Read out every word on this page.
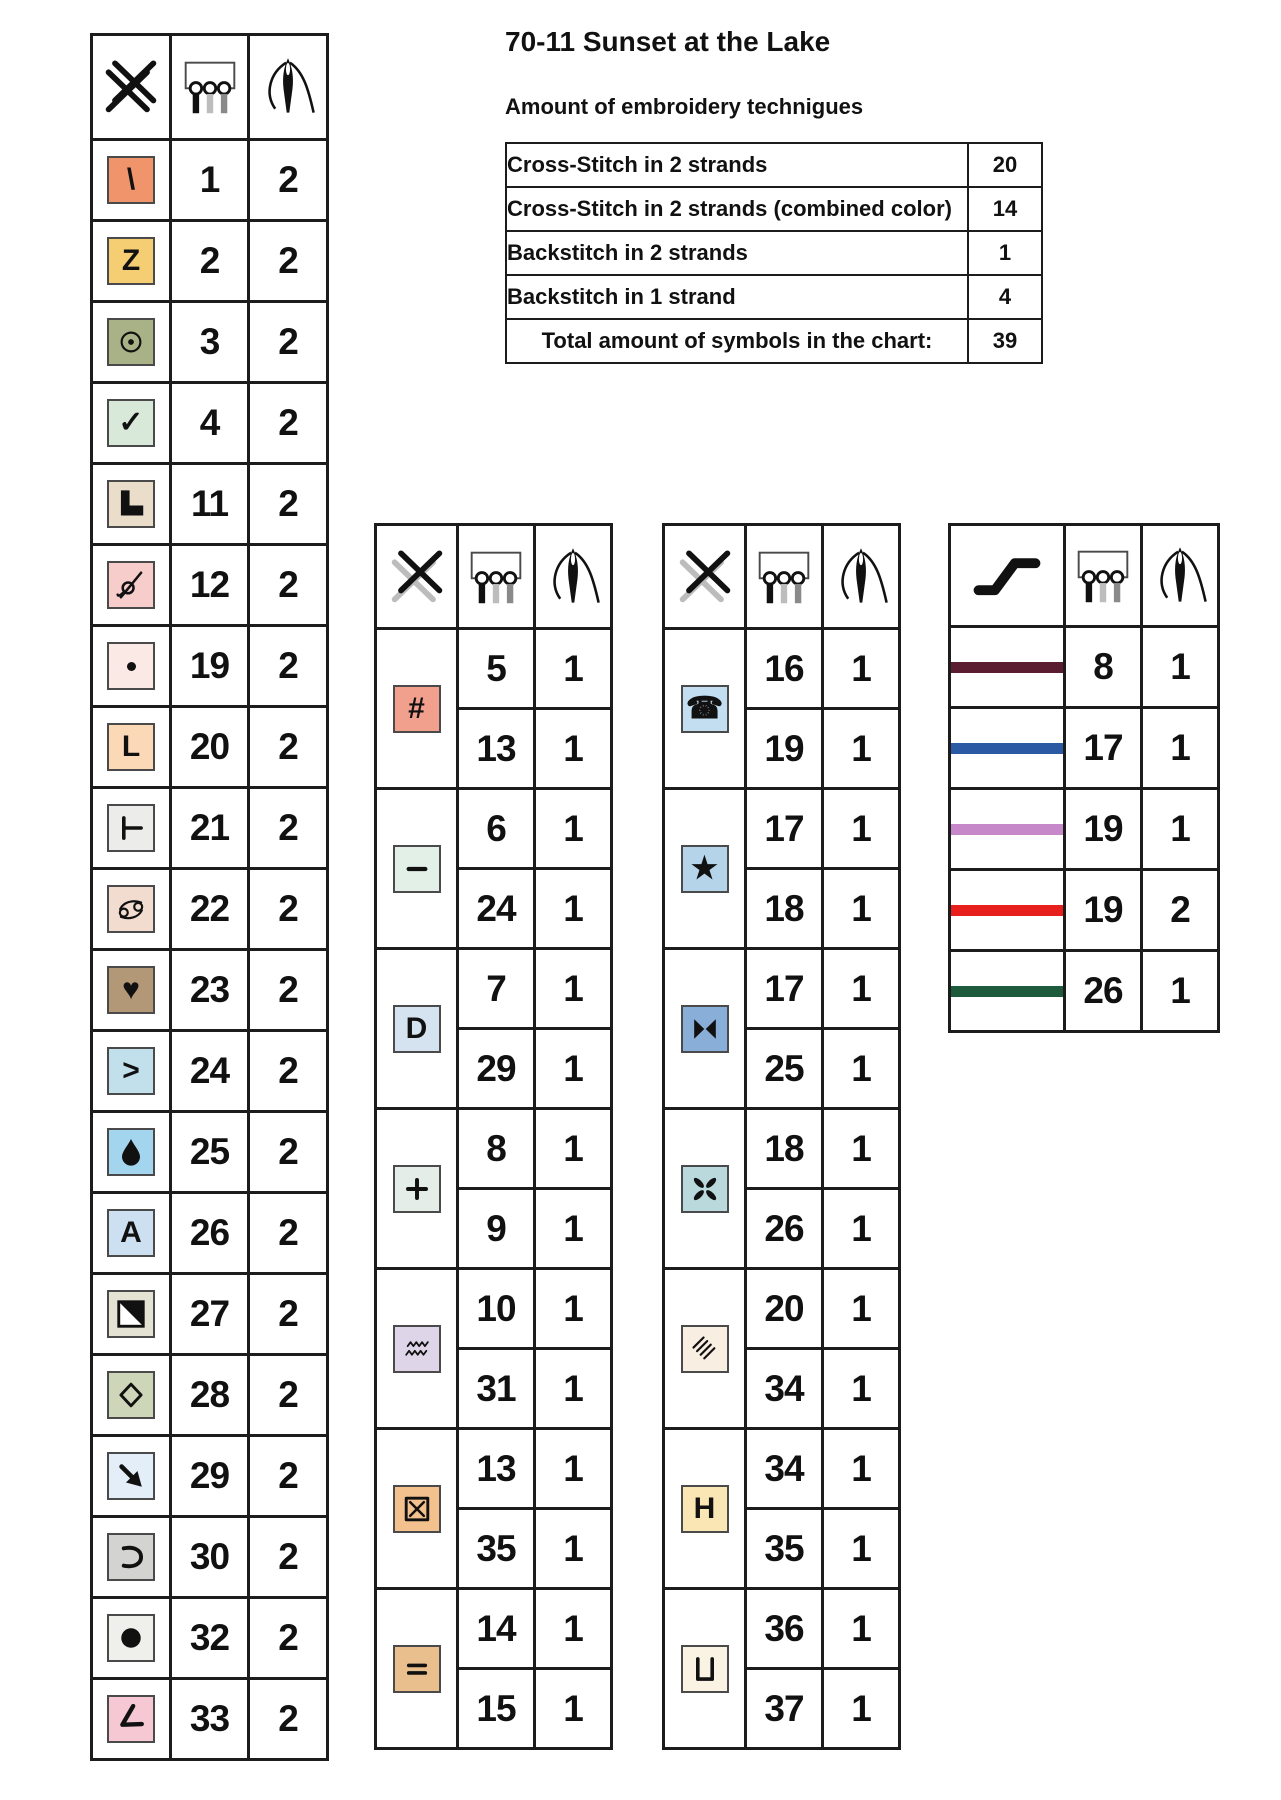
70-11 Sunset at the Lake
Amount of embroidery technigues
Cross-Stitch in 2 strands	20
Cross-Stitch in 2 strands (combined color)	14
Backstitch in 2 strands	1
Backstitch in 1 strand	4
Total amount of symbols in the chart:	39

\	1	2

Z	2	2

	3	2

✓	4	2

	11	2

	12	2

	19	2

L	20	2

	21	2

	22	2

♥	23	2

>	24	2

	25	2

A	26	2

	27	2

	28	2

	29	2

	30	2

	32	2

	33	2

#	5	1
	13	1

	6	1
	24	1

D	7	1
	29	1

	8	1
	9	1

	10	1
	31	1

	13	1
	35	1

	14	1
	15	1

☎	16	1
	19	1

★	17	1
	18	1

	17	1
	25	1

	18	1
	26	1

	20	1
	34	1

H	34	1
	35	1

	36	1
	37	1

	8	1

	17	1

	19	1

	19	2

	26	1
